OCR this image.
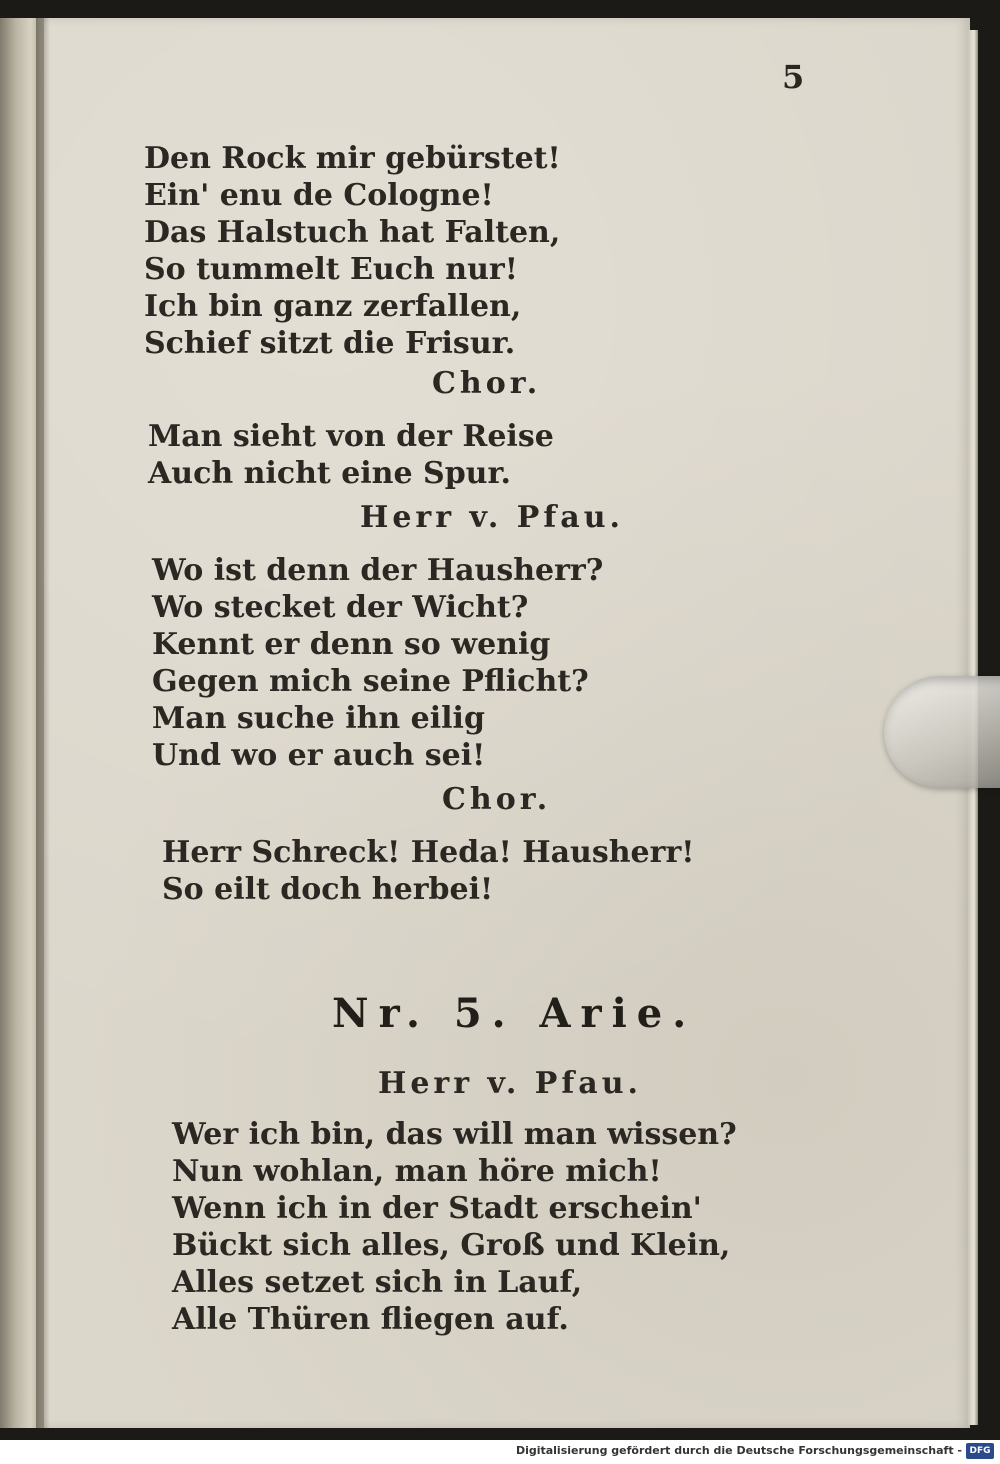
5
Den Rock mir gebürstet!
Ein' enu de Cologne!
Das Halstuch hat Falten,
So tummelt Euch nur!
Ich bin ganz zerfallen,
Schief sitzt die Frisur.
Chor.
Man sieht von der Reise
Auch nicht eine Spur.
Herr v. Pfau.
Wo ist denn der Hausherr?
Wo stecket der Wicht?
Kennt er denn so wenig
Gegen mich seine Pflicht?
Man suche ihn eilig
Und wo er auch sei!
Chor.
Herr Schreck! Heda! Hausherr!
So eilt doch herbei!
Nr. 5. Arie.
Herr v. Pfau.
Wer ich bin, das will man wissen?
Nun wohlan, man höre mich!
Wenn ich in der Stadt erschein'
Bückt sich alles, Groß und Klein,
Alles setzet sich in Lauf,
Alle Thüren fliegen auf.
Digitalisierung gefördert durch die Deutsche Forschungsgemeinschaft - DFG
